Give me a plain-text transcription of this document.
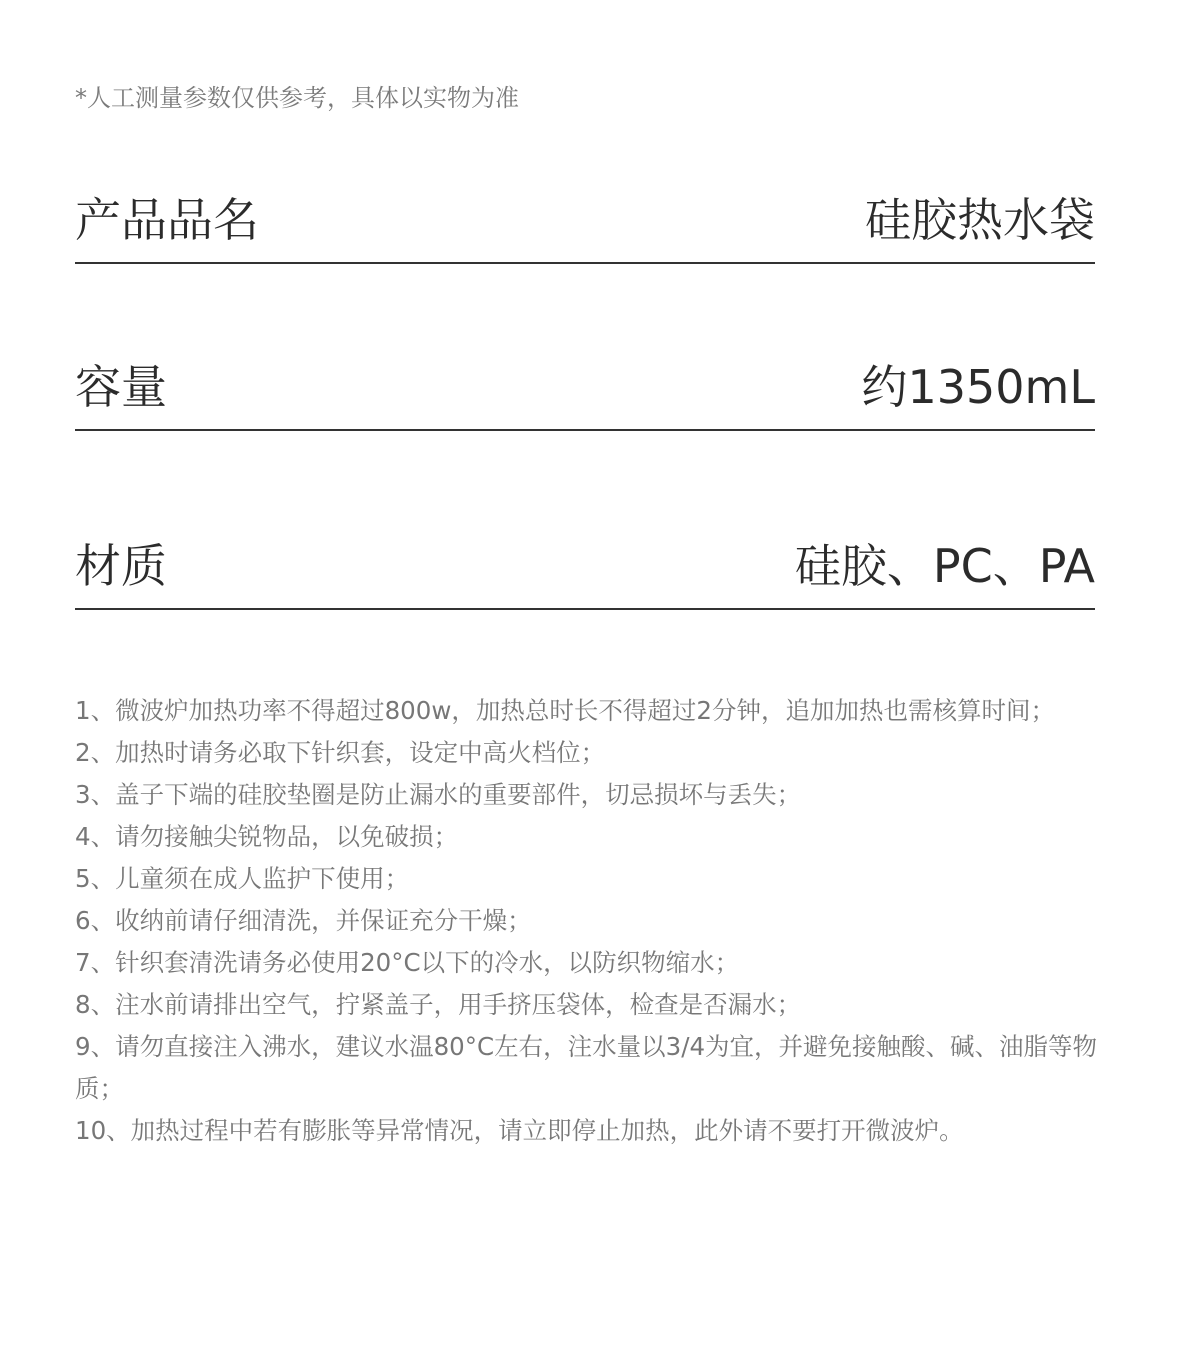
*人工测量参数仅供参考，具体以实物为准
产品品名	硅胶热水袋
容量	约1350mL
材质	硅胶、PC、PA
1、微波炉加热功率不得超过800w，加热总时长不得超过2分钟，追加加热也需核算时间；
2、加热时请务必取下针织套，设定中高火档位；
3、盖子下端的硅胶垫圈是防止漏水的重要部件，切忌损坏与丢失；
4、请勿接触尖锐物品，以免破损；
5、儿童须在成人监护下使用；
6、收纳前请仔细清洗，并保证充分干燥；
7、针织套清洗请务必使用20°C以下的冷水，以防织物缩水；
8、注水前请排出空气，拧紧盖子，用手挤压袋体，检查是否漏水；
9、请勿直接注入沸水，建议水温80°C左右，注水量以3/4为宜，并避免接触酸、碱、油脂等物质；
10、加热过程中若有膨胀等异常情况，请立即停止加热，此外请不要打开微波炉。
